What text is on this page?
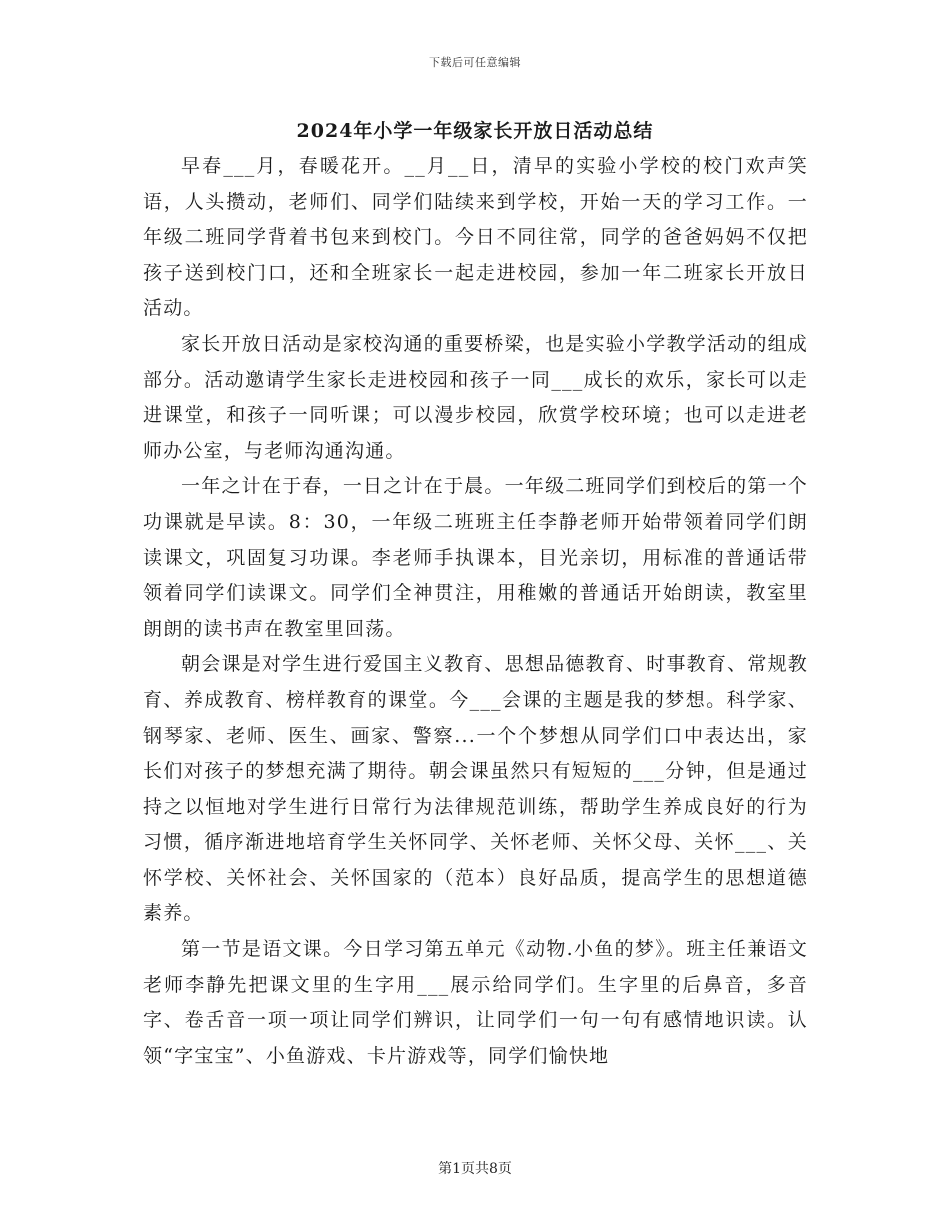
下载后可任意编辑
2024年小学一年级家长开放日活动总结

早春___月，春暖花开。__月__日，清早的实验小学校的校门欢声笑语，人头攒动，老师们、同学们陆续来到学校，开始一天的学习工作。一年级二班同学背着书包来到校门。今日不同往常，同学的爸爸妈妈不仅把孩子送到校门口，还和全班家长一起走进校园，参加一年二班家长开放日活动。

家长开放日活动是家校沟通的重要桥梁，也是实验小学教学活动的组成部分。活动邀请学生家长走进校园和孩子一同___成长的欢乐，家长可以走进课堂，和孩子一同听课；可以漫步校园，欣赏学校环境；也可以走进老师办公室，与老师沟通沟通。

一年之计在于春，一日之计在于晨。一年级二班同学们到校后的第一个功课就是早读。8：30，一年级二班班主任李静老师开始带领着同学们朗读课文，巩固复习功课。李老师手执课本，目光亲切，用标准的普通话带领着同学们读课文。同学们全神贯注，用稚嫩的普通话开始朗读，教室里朗朗的读书声在教室里回荡。

朝会课是对学生进行爱国主义教育、思想品德教育、时事教育、常规教育、养成教育、榜样教育的课堂。今___会课的主题是我的梦想。科学家、钢琴家、老师、医生、画家、警察...一个个梦想从同学们口中表达出，家长们对孩子的梦想充满了期待。朝会课虽然只有短短的___分钟，但是通过持之以恒地对学生进行日常行为法律规范训练，帮助学生养成良好的行为习惯，循序渐进地培育学生关怀同学、关怀老师、关怀父母、关怀___、关怀学校、关怀社会、关怀国家的（范本）良好品质，提高学生的思想道德素养。

第一节是语文课。今日学习第五单元《动物.小鱼的梦》。班主任兼语文老师李静先把课文里的生字用___展示给同学们。生字里的后鼻音，多音字、卷舌音一项一项让同学们辨识，让同学们一句一句有感情地识读。认领“字宝宝”、小鱼游戏、卡片游戏等，同学们愉快地

第1页共8页
